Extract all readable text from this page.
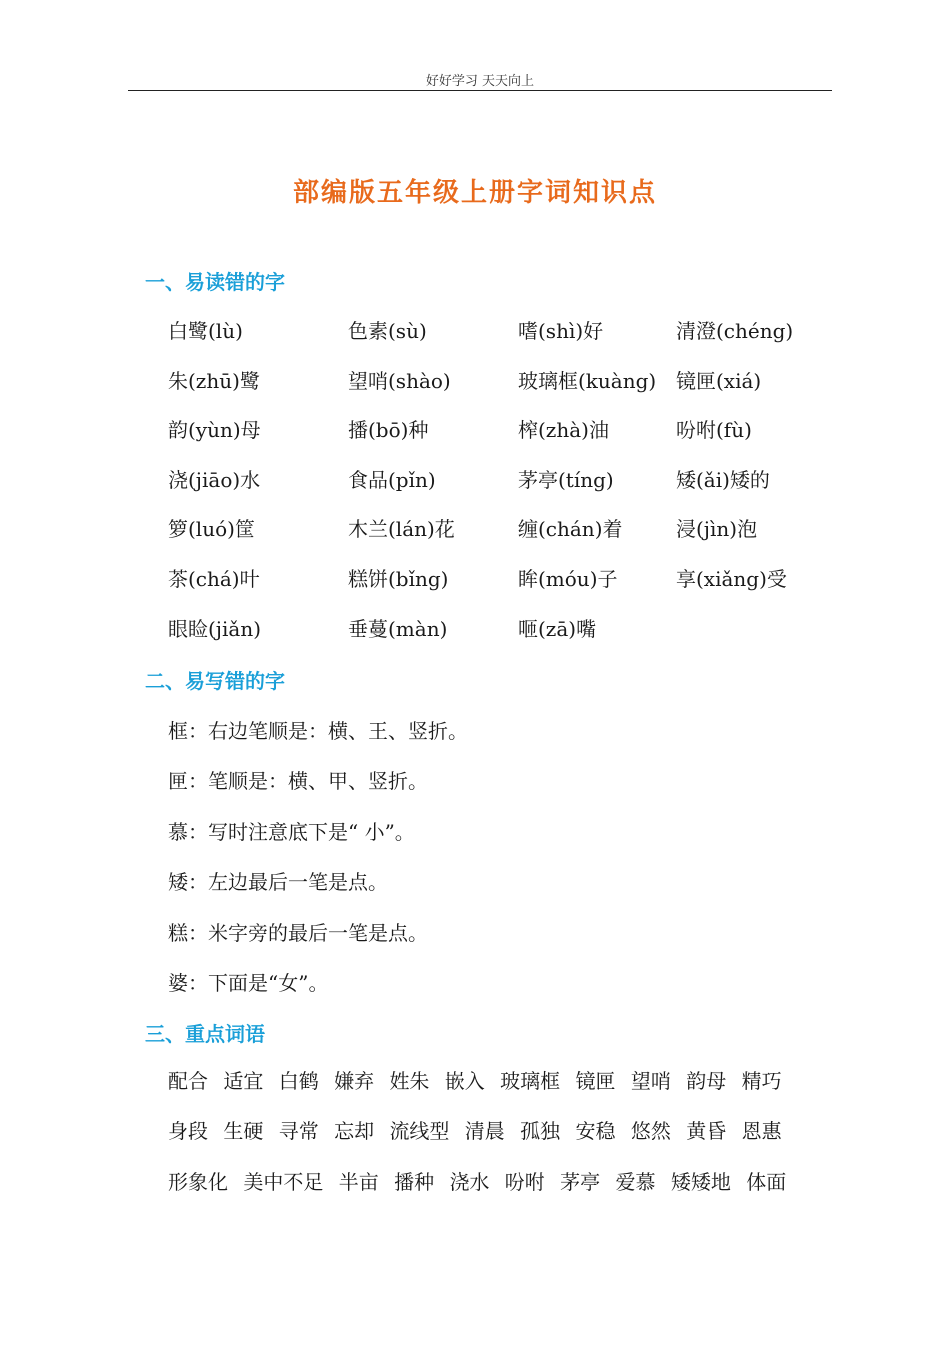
好好学习 天天向上
部编版五年级上册字词知识点
一、易读错的字
白鹭(lù)	色素(sù)	嗜(shì)好	清澄(chéng)
朱(zhū)鹭	望哨(shào)	玻璃框(kuàng) 镜匣(xiá)
韵(yùn)母	播(bō)种	榨(zhà)油	吩咐(fù)
浇(jiāo)水	食品(pǐn)	茅亭(tíng)	矮(ǎi)矮的
箩(luó)筐	木兰(lán)花	缠(chán)着	浸(jìn)泡
茶(chá)叶	糕饼(bǐng)	眸(móu)子	享(xiǎng)受
眼睑(jiǎn)	垂蔓(màn)	咂(zā)嘴
二、易写错的字
框：右边笔顺是：横、王、竖折。
匣：笔顺是：横、甲、竖折。
慕：写时注意底下是“ 小”。
矮：左边最后一笔是点。
糕：米字旁的最后一笔是点。
婆：下面是“女”。
三、重点词语
配合 适宜 白鹤 嫌弃 姓朱 嵌入 玻璃框 镜匣 望哨 韵母 精巧
身段 生硬 寻常 忘却 流线型 清晨 孤独 安稳 悠然 黄昏 恩惠
形象化 美中不足 半亩 播种 浇水 吩咐 茅亭 爱慕 矮矮地 体面
